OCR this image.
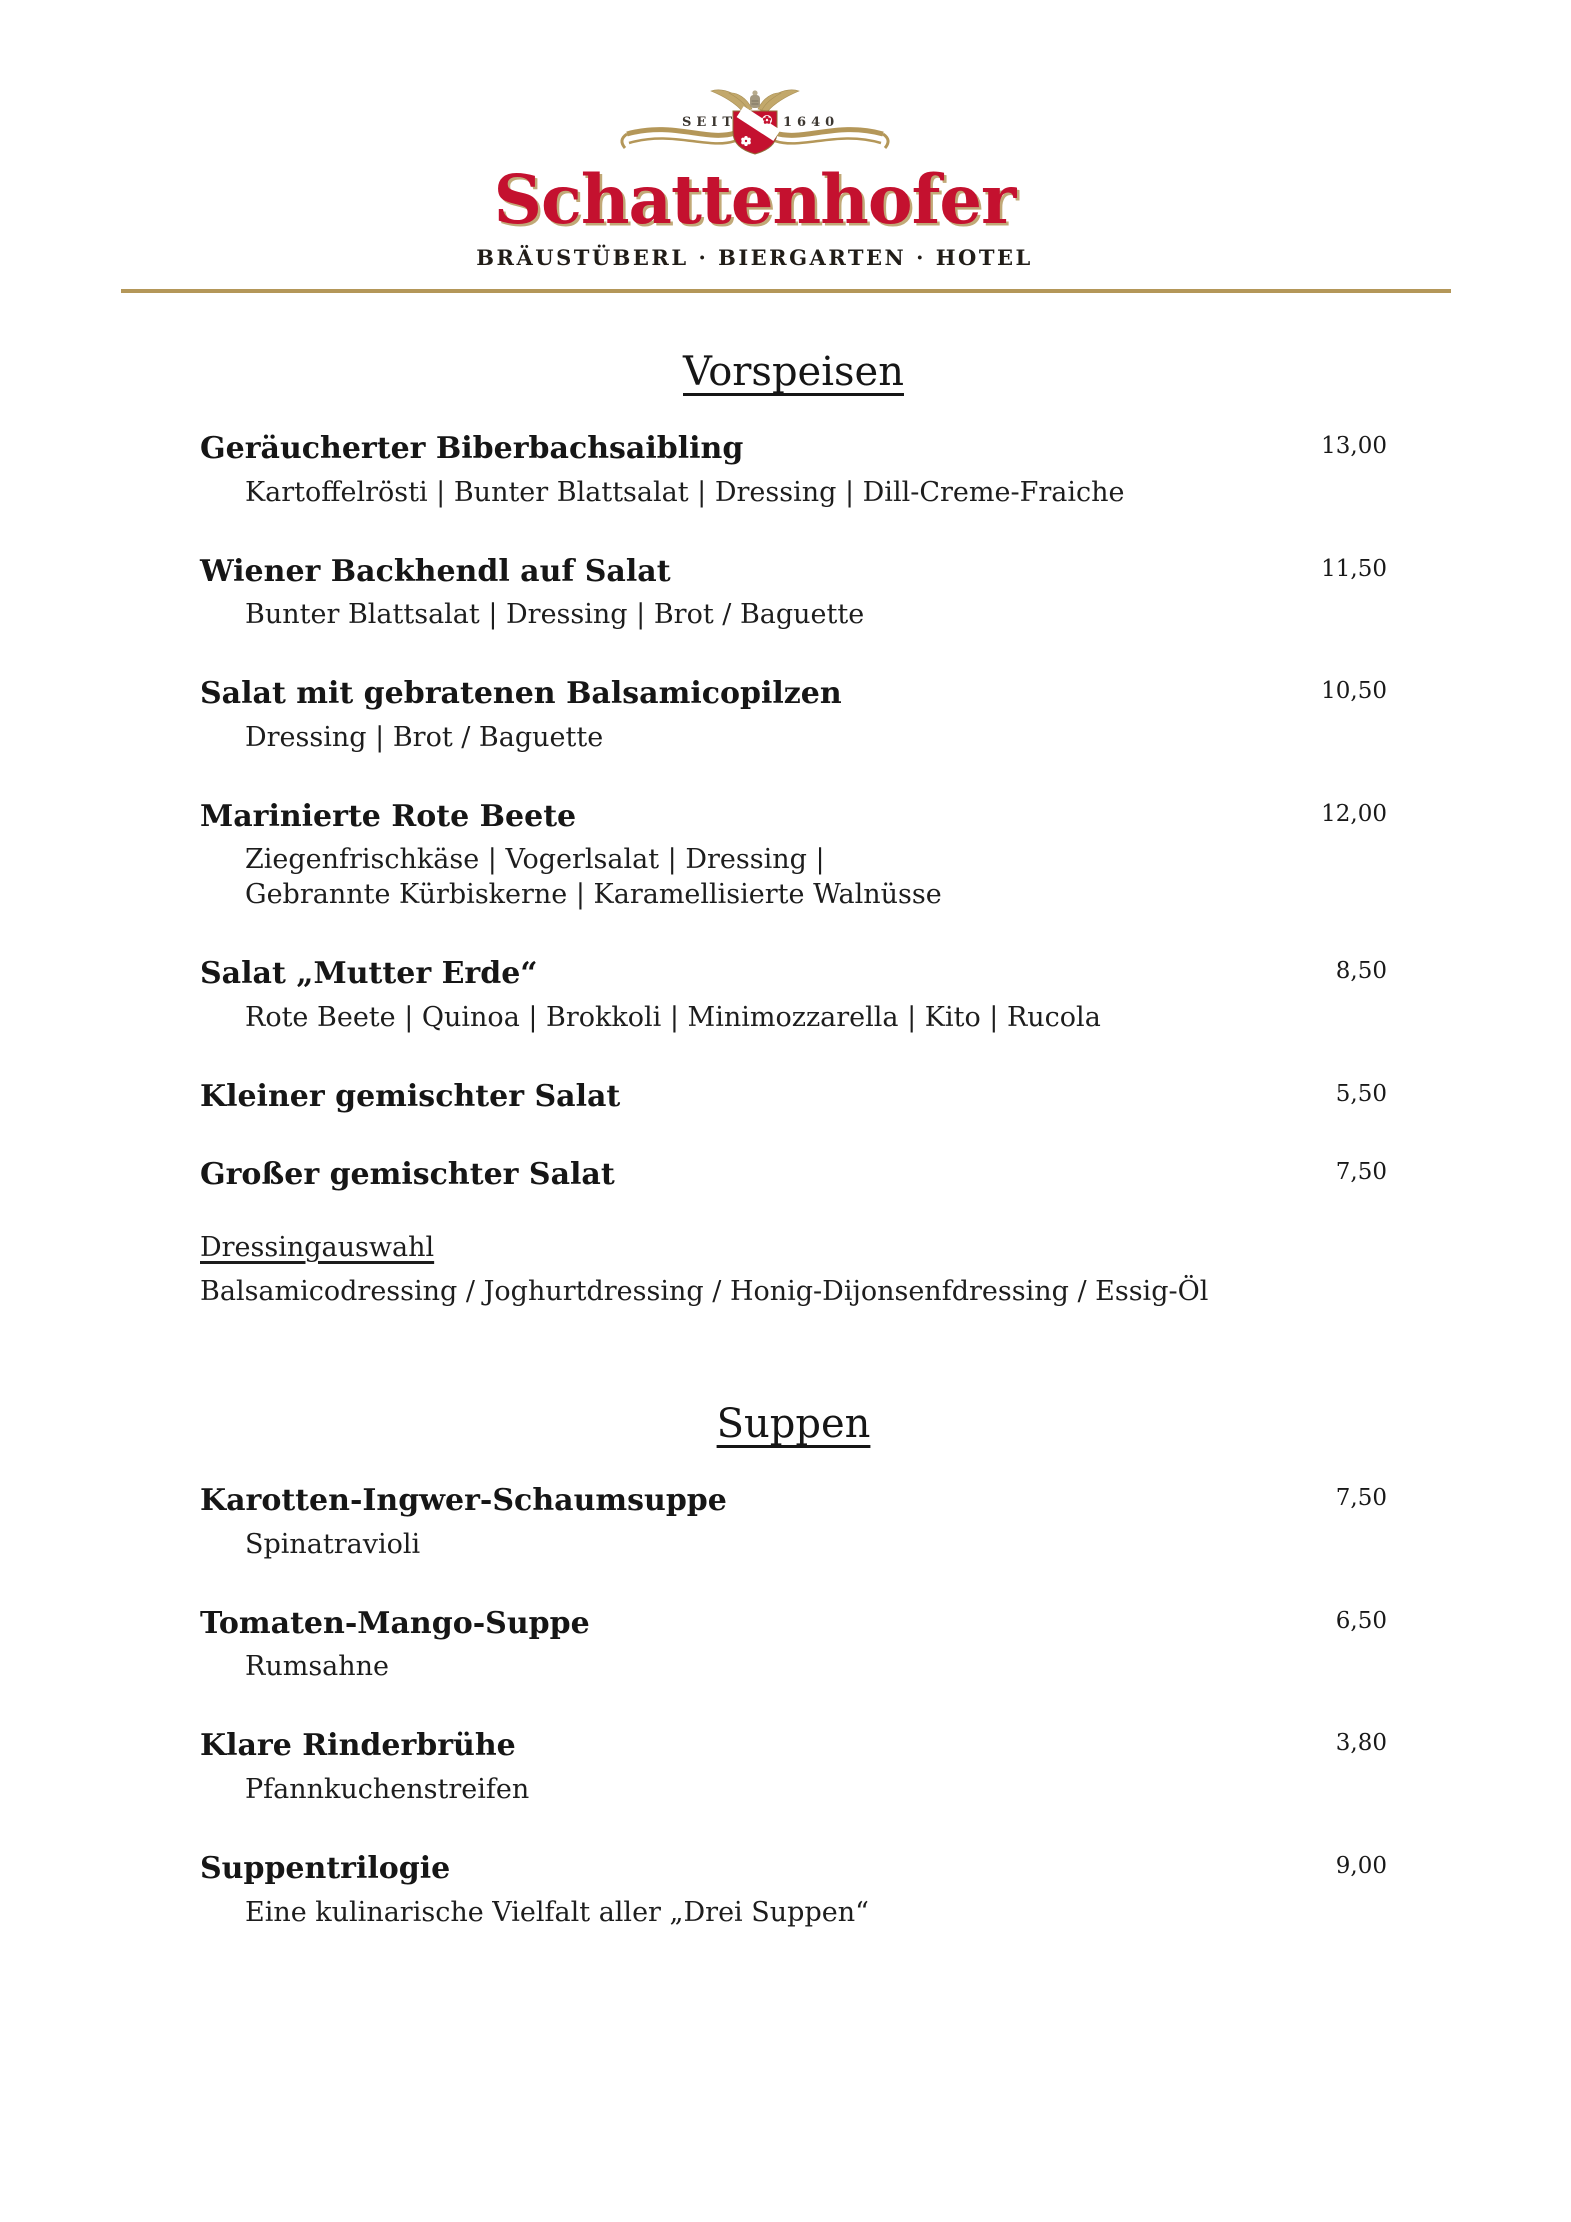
SEIT	1640
Schattenhofer
BRÄUSTÜBERL · BIERGARTEN · HOTEL
Vorspeisen
Geräucherter Biberbachsaibling	13,00
Kartoffelrösti | Bunter Blattsalat | Dressing | Dill-Creme-Fraiche
Wiener Backhendl auf Salat	11,50
Bunter Blattsalat | Dressing | Brot / Baguette
Salat mit gebratenen Balsamicopilzen	10,50
Dressing | Brot / Baguette
Marinierte Rote Beete	12,00
Ziegenfrischkäse | Vogerlsalat | Dressing |
Gebrannte Kürbiskerne | Karamellisierte Walnüsse
Salat „Mutter Erde“	8,50
Rote Beete | Quinoa | Brokkoli | Minimozzarella | Kito | Rucola
Kleiner gemischter Salat	5,50
Großer gemischter Salat	7,50
Dressingauswahl
Balsamicodressing / Joghurtdressing / Honig-Dijonsenfdressing / Essig-Öl
Suppen
Karotten-Ingwer-Schaumsuppe	7,50
Spinatravioli
Tomaten-Mango-Suppe	6,50
Rumsahne
Klare Rinderbrühe	3,80
Pfannkuchenstreifen
Suppentrilogie	9,00
Eine kulinarische Vielfalt aller „Drei Suppen“
